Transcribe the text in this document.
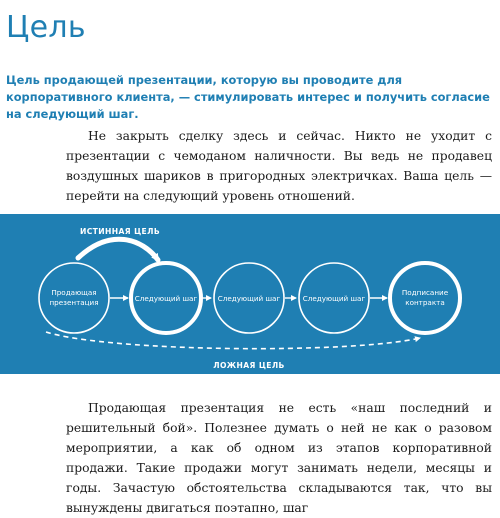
Цель
Цель продающей презентации, которую вы проводите для корпоративного клиента, — стимулировать интерес и получить согласие на следующий шаг.
Не закрыть сделку здесь и сейчас. Никто не уходит с презентации с чемоданом наличности. Вы ведь не продавец воздушных шариков в пригородных электричках. Ваша цель — перейти на следующий уровень отношений.
ИСТИННАЯ ЦЕЛЬ
Продающая
презентация	Следующий шаг	Следующий шаг	Следующий шаг
Подписание
контракта
ЛОЖНАЯ ЦЕЛЬ
Продающая презентация не есть «наш последний и решительный бой». Полезнее думать о ней не как о разовом мероприятии, а как об одном из этапов корпоративной продажи. Такие продажи могут занимать недели, месяцы и годы. Зачастую обстоятельства складываются так, что вы вынуждены двигаться поэтапно, шаг
